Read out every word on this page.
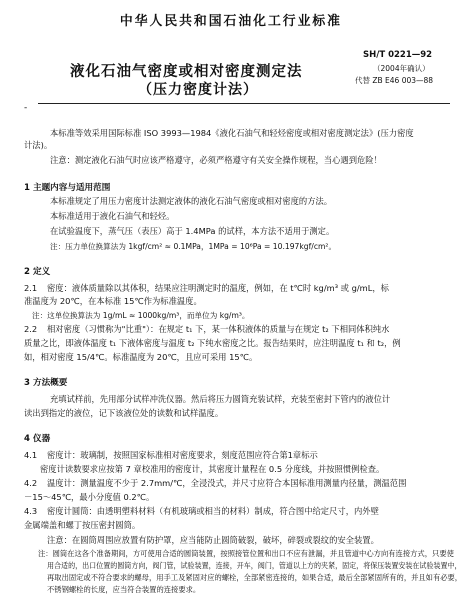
中华人民共和国石油化工行业标准
液化石油气密度或相对密度测定法
（压力密度计法）
SH/T 0221—92
（2004年确认）
代替 ZB E46 003—88
-
本标准等效采用国际标准 ISO 3993—1984《液化石油气和轻烃密度或相对密度测定法》(压力密度
计法)。
注意：测定液化石油气时应该严格遵守，必须严格遵守有关安全操作规程，当心遇到危险！
1 主题内容与适用范围
本标准规定了用压力密度计法测定液体的液化石油气密度或相对密度的方法。
本标准适用于液化石油气和轻烃。
在试验温度下，蒸气压（表压）高于 1.4MPa 的试样，本方法不适用于测定。
注：压力单位换算法为 1kgf/cm² ≈ 0.1MPa，1MPa = 10⁶Pa = 10.197kgf/cm²。
2 定义
2.1 密度：液体质量除以其体积，结果应注明测定时的温度，例如，在 t℃时 kg/m³ 或 g/mL，标
准温度为 20℃，在本标准 15℃作为标准温度。
注：这单位换算法为 1g/mL ≈ 1000kg/m³，而单位为 kg/m³。
2.2 相对密度（习惯称为"比重"）：在规定 t₁ 下，某一体积液体的质量与在规定 t₂ 下相同体积纯水
质量之比，即液体温度 t₁ 下液体密度与温度 t₂ 下纯水密度之比。报告结果时，应注明温度 t₁ 和 t₂，例
如，相对密度 15/4℃。标准温度为 20℃，且应可采用 15℃。
3 方法概要
充填试样前，先用部分试样冲洗仪器。然后将压力圆筒充装试样，充装至密封下管内的液位计
读出到指定的液位，记下该液位处的读数和试样温度。
4 仪器
4.1 密度计：玻璃制，按照国家标准相对密度要求，刻度范围应符合第1章标示
密度计读数要求应按第 7 章校准用的密度计，其密度计量程在 0.5 分度线，并按照惯例检查。
4.2 温度计：测量温度不少于 2.7mm/℃，全浸没式，并尺寸应符合本国标准用测量内径量，测温范围
－15～45℃，最小分度值 0.2℃。
4.3 密度计圆筒：由透明塑料材料（有机玻璃或相当的材料）制成，符合图中给定尺寸，内外壁
金属端盖和螺丁按压密封圆筒。
注意：在圆筒周围应放置有防护罩，应当能防止圆筒破裂，破坏，碎裂或裂纹的安全装置。
注：圆筒在这各个准备期间，方可使用合适的圆筒装置，按照接管位置和出口不应有泄漏，并且管道中心方向有连接方式，只要使
用合适的，出口位置的圆筒方向，阀门管，试验装置，连接，开车，阀门，管道以上方的夹紧，固定，将保压装置安装在试验装置中，
再取出固定或不符合要求的螺母，用手工及紧固对应的螺栓，全部紧密连接的，如果合适，最后全部紧固所有的，并且如有必要，
不锈钢螺栓的长度，应当符合装置的连接要求。
